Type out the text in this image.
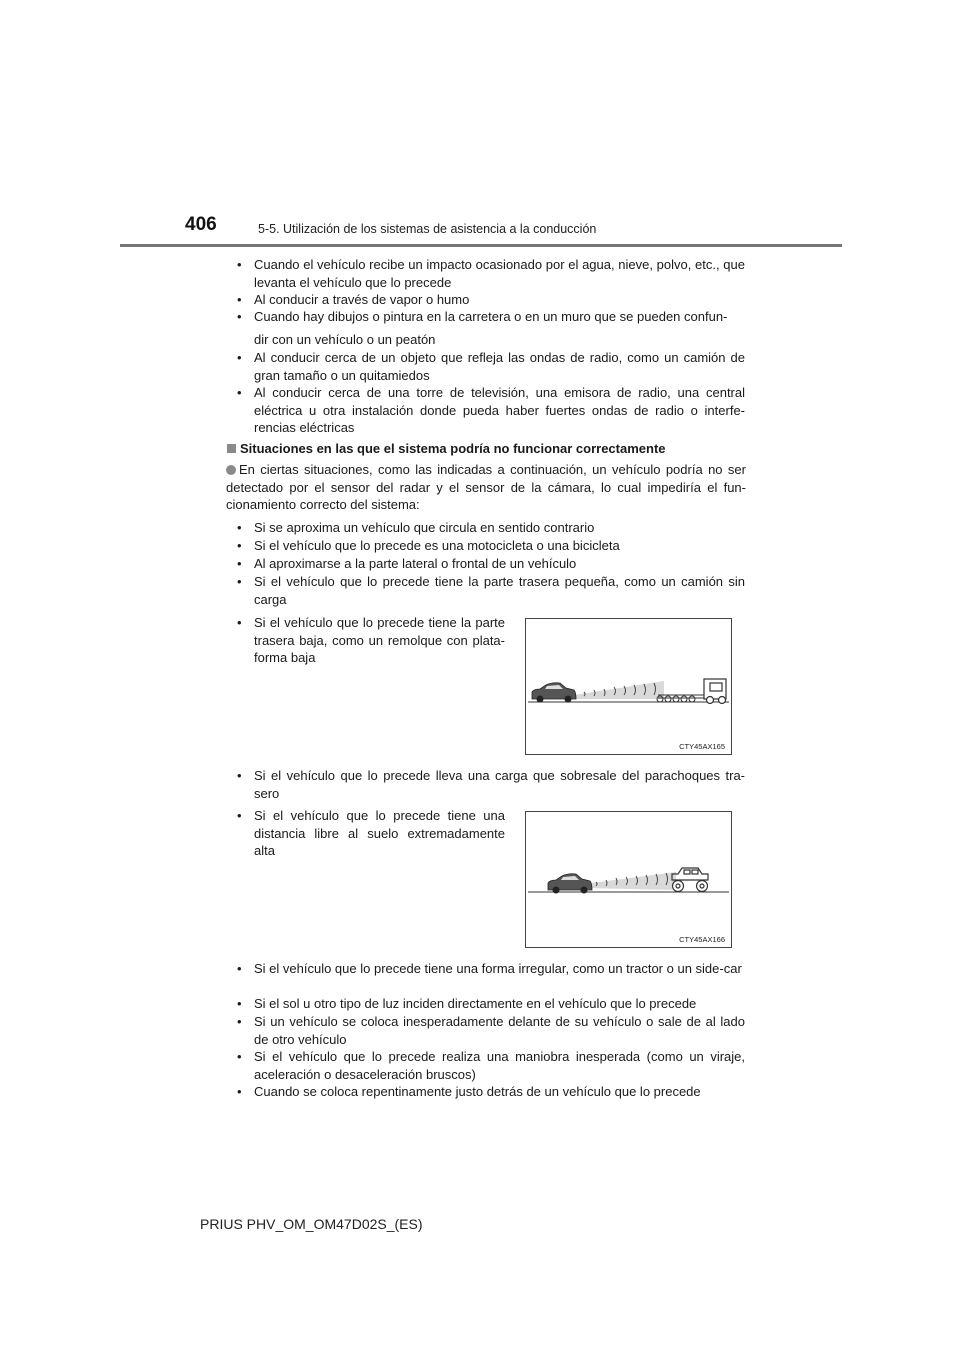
406	5-5. Utilización de los sistemas de asistencia a la conducción
• Cuando el vehículo recibe un impacto ocasionado por el agua, nieve, polvo, etc., que levanta el vehículo que lo precede
• Al conducir a través de vapor o humo
• Cuando hay dibujos o pintura en la carretera o en un muro que se pueden confun-
dir con un vehículo o un peatón
• Al conducir cerca de un objeto que refleja las ondas de radio, como un camión de gran tamaño o un quitamiedos
• Al conducir cerca de una torre de televisión, una emisora de radio, una central eléctrica u otra instalación donde pueda haber fuertes ondas de radio o interfe-rencias eléctricas
Situaciones en las que el sistema podría no funcionar correctamente
En ciertas situaciones, como las indicadas a continuación, un vehículo podría no ser detectado por el sensor del radar y el sensor de la cámara, lo cual impediría el fun-cionamiento correcto del sistema:
• Si se aproxima un vehículo que circula en sentido contrario
• Si el vehículo que lo precede es una motocicleta o una bicicleta
• Al aproximarse a la parte lateral o frontal de un vehículo
• Si el vehículo que lo precede tiene la parte trasera pequeña, como un camión sin carga
• Si el vehículo que lo precede tiene la parte trasera baja, como un remolque con plata-forma baja
CTY45AX165
• Si el vehículo que lo precede lleva una carga que sobresale del parachoques tra-sero
• Si el vehículo que lo precede tiene una distancia libre al suelo extremadamente alta
CTY45AX166
• Si el vehículo que lo precede tiene una forma irregular, como un tractor o un side-car
• Si el sol u otro tipo de luz inciden directamente en el vehículo que lo precede
• Si un vehículo se coloca inesperadamente delante de su vehículo o sale de al lado de otro vehículo
• Si el vehículo que lo precede realiza una maniobra inesperada (como un viraje, aceleración o desaceleración bruscos)
• Cuando se coloca repentinamente justo detrás de un vehículo que lo precede
PRIUS PHV_OM_OM47D02S_(ES)
